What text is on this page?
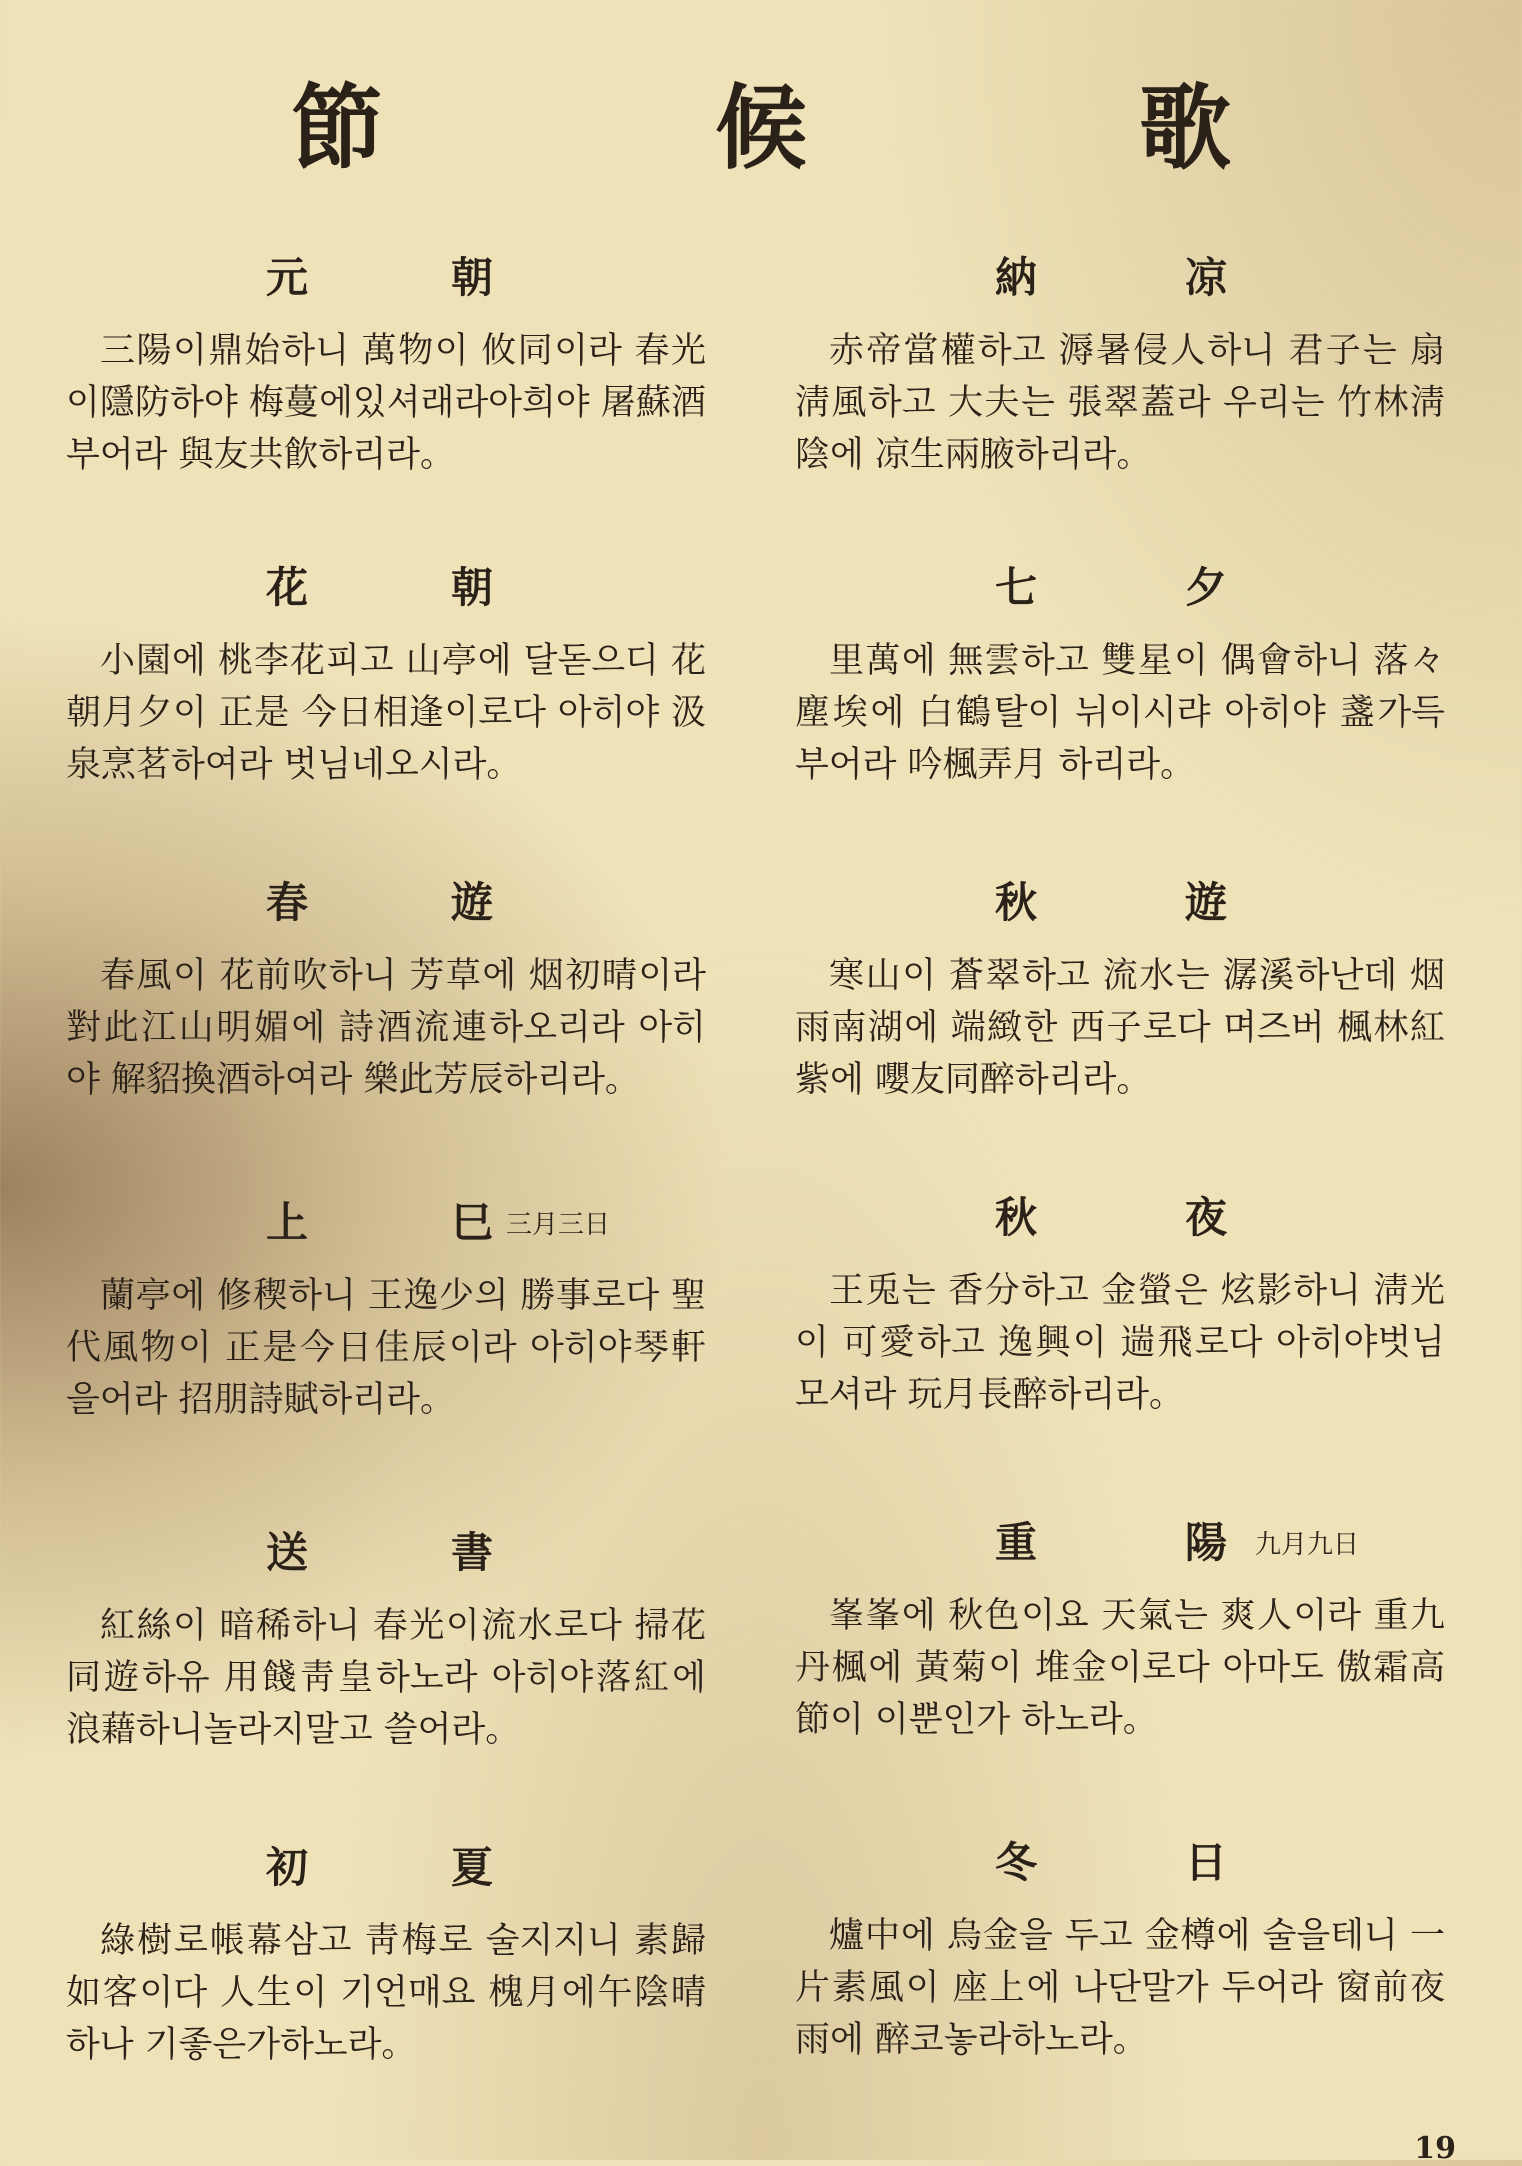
節 候 歌
元	朝
三陽이鼎始하니 萬物이 攸同이라 春光이隱防하야 梅蔓에있셔래라아희야 屠蘇酒부어라 與友共飮하리라。
花	朝
小園에 桃李花피고 山亭에 달돋으디 花朝月夕이 正是 今日相逢이로다 아히야 汲泉烹茗하여라 벗님네오시라。
春	遊
春風이 花前吹하니 芳草에 烟初晴이라 對此江山明媚에 詩酒流連하오리라 아히야 解貂換酒하여라 樂此芳辰하리라。
上	巳 三月三日
蘭亭에 修稧하니 王逸少의 勝事로다 聖代風物이 正是今日佳辰이라 아히야琴軒을어라 招朋詩賦하리라。
送	書
紅絲이 暗稀하니 春光이流水로다 掃花同遊하유 用餞靑皇하노라 아히야落紅에 浪藉하니놀라지말고 쓸어라。
初	夏
綠樹로帳幕삼고 靑梅로 술지지니 素歸如客이다 人生이 기언매요 槐月에午陰晴하나 기좋은가하노라。
納	凉
赤帝當權하고 溽暑侵人하니 君子는 扇淸風하고 大夫는 張翠蓋라 우리는 竹林淸陰에 凉生兩腋하리라。
七	夕
里萬에 無雲하고 雙星이 偶會하니 落々塵埃에 白鶴탈이 뉘이시랴 아히야 盞가득 부어라 吟楓弄月 하리라。
秋	遊
寒山이 蒼翠하고 流水는 潺溪하난데 烟雨南湖에 端緻한 西子로다 며즈버 楓林紅紫에 嚶友同醉하리라。
秋	夜
王兎는 香分하고 金螢은 炫影하니 淸光이 可愛하고 逸興이 遄飛로다 아히야벗님 모셔라 玩月長醉하리라。
重	陽 九月九日
峯峯에 秋色이요 天氣는 爽人이라 重九丹楓에 黃菊이 堆金이로다 아마도 傲霜高節이 이뿐인가 하노라。
冬	日
爐中에 烏金을 두고 金樽에 술을테니 一片素風이 座上에 나단말가 두어라 窗前夜雨에 醉코놓라하노라。
19
